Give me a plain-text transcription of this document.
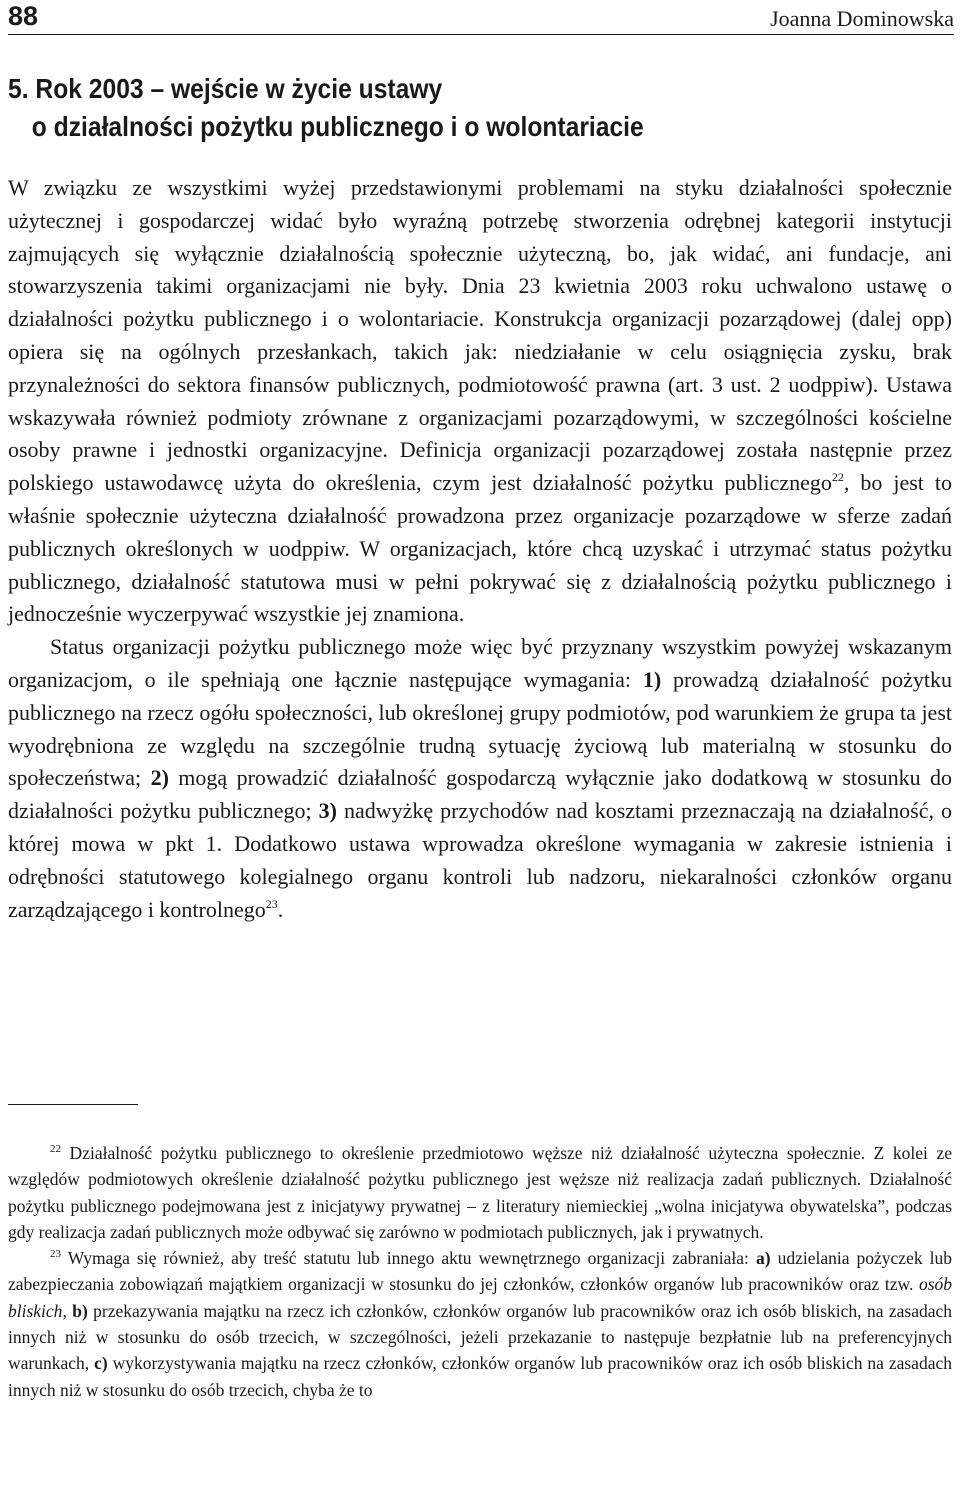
88	Joanna Dominowska
5. Rok 2003 – wejście w życie ustawy
o działalności pożytku publicznego i o wolontariacie

W związku ze wszystkimi wyżej przedstawionymi problemami na styku działalności społecznie użytecznej i gospodarczej widać było wyraźną potrzebę stworzenia odrębnej kategorii instytucji zajmujących się wyłącznie działalnością społecznie użyteczną, bo, jak widać, ani fundacje, ani stowarzyszenia takimi organizacjami nie były. Dnia 23 kwietnia 2003 roku uchwalono ustawę o działalności pożytku publicznego i o wolontariacie. Konstrukcja organizacji pozarządowej (dalej opp) opiera się na ogólnych przesłankach, takich jak: niedziałanie w celu osiągnięcia zysku, brak przynależności do sektora finansów publicznych, podmiotowość prawna (art. 3 ust. 2 uodppiw). Ustawa wskazywała również podmioty zrównane z organizacjami pozarządowymi, w szczególności kościelne osoby prawne i jednostki organizacyjne. Definicja organizacji pozarządowej została następnie przez polskiego ustawodawcę użyta do określenia, czym jest działalność pożytku publicznego$^{22}$, bo jest to właśnie społecznie użyteczna działalność prowadzona przez organizacje pozarządowe w sferze zadań publicznych określonych w uodppiw. W organizacjach, które chcą uzyskać i utrzymać status pożytku publicznego, działalność statutowa musi w pełni pokrywać się z działalnością pożytku publicznego i jednocześnie wyczerpywać wszystkie jej znamiona.

Status organizacji pożytku publicznego może więc być przyznany wszystkim powyżej wskazanym organizacjom, o ile spełniają one łącznie następujące wymagania: 1) prowadzą działalność pożytku publicznego na rzecz ogółu społeczności, lub określonej grupy podmiotów, pod warunkiem że grupa ta jest wyodrębniona ze względu na szczególnie trudną sytuację życiową lub materialną w stosunku do społeczeństwa; 2) mogą prowadzić działalność gospodarczą wyłącznie jako dodatkową w stosunku do działalności pożytku publicznego; 3) nadwyżkę przychodów nad kosztami przeznaczają na działalność, o której mowa w pkt 1. Dodatkowo ustawa wprowadza określone wymagania w zakresie istnienia i odrębności statutowego kolegialnego organu kontroli lub nadzoru, niekaralności członków organu zarządzającego i kontrolnego$^{23}$.

$^{22}$ Działalność pożytku publicznego to określenie przedmiotowo węższe niż działalność użyteczna społecznie. Z kolei ze względów podmiotowych określenie działalność pożytku publicznego jest węższe niż realizacja zadań publicznych. Działalność pożytku publicznego podejmowana jest z inicjatywy prywatnej – z literatury niemieckiej „wolna inicjatywa obywatelska”, podczas gdy realizacja zadań publicznych może odbywać się zarówno w podmiotach publicznych, jak i prywatnych.

$^{23}$ Wymaga się również, aby treść statutu lub innego aktu wewnętrznego organizacji zabraniała: a) udzielania pożyczek lub zabezpieczania zobowiązań majątkiem organizacji w stosunku do jej członków, członków organów lub pracowników oraz tzw. osób bliskich, b) przekazywania majątku na rzecz ich członków, członków organów lub pracowników oraz ich osób bliskich, na zasadach innych niż w stosunku do osób trzecich, w szczególności, jeżeli przekazanie to następuje bezpłatnie lub na preferencyjnych warunkach, c) wykorzystywania majątku na rzecz członków, członków organów lub pracowników oraz ich osób bliskich na zasadach innych niż w stosunku do osób trzecich, chyba że to
